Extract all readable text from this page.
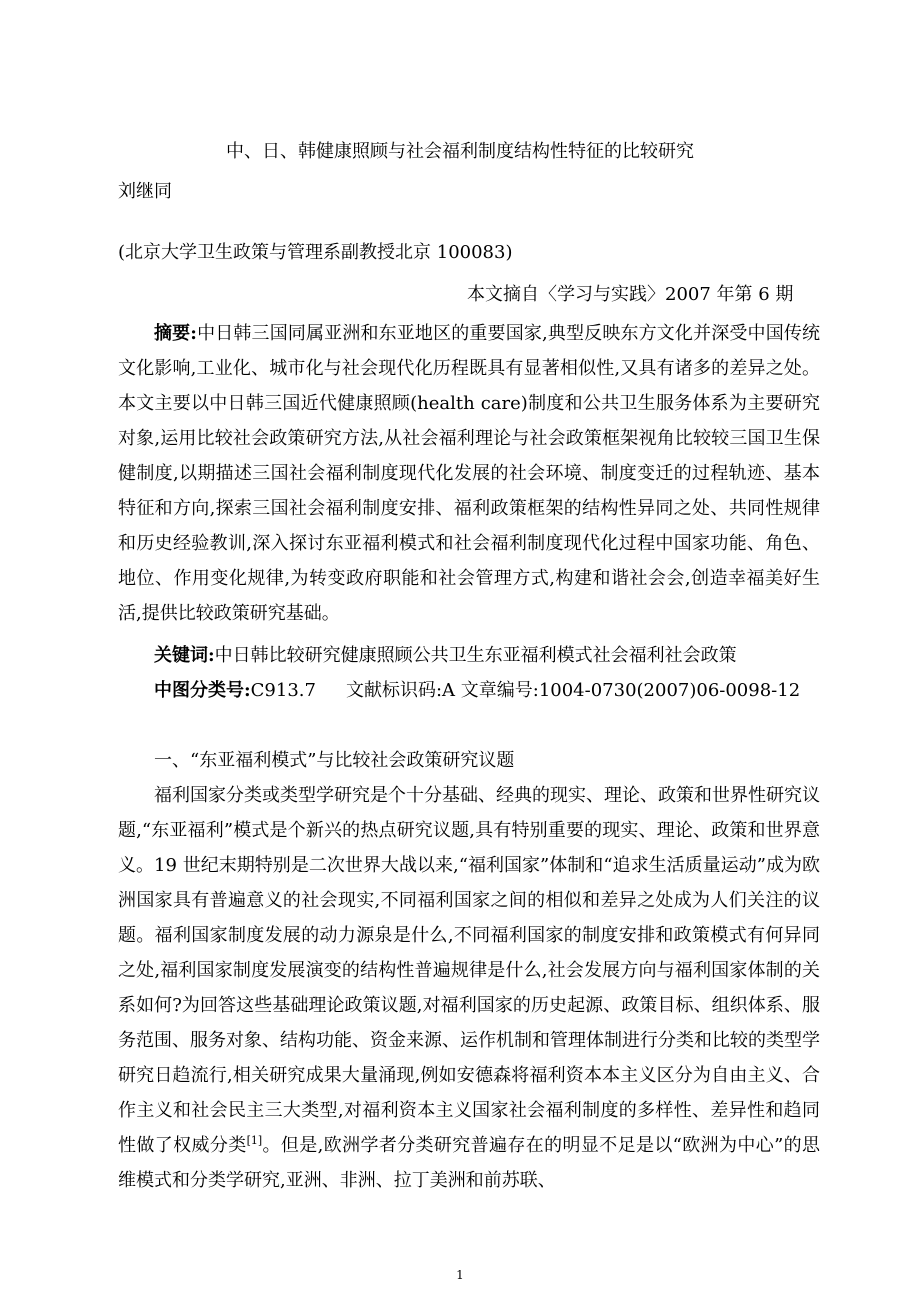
中、日、韩健康照顾与社会福利制度结构性特征的比较研究
刘继同
(北京大学卫生政策与管理系副教授北京 100083)
本文摘自〈学习与实践〉2007 年第 6 期

摘要:中日韩三国同属亚洲和东亚地区的重要国家,典型反映东方文化并深受中国传统文化影响,工业化、城市化与社会现代化历程既具有显著相似性,又具有诸多的差异之处。本文主要以中日韩三国近代健康照顾(health care)制度和公共卫生服务体系为主要研究对象,运用比较社会政策研究方法,从社会福利理论与社会政策框架视角比较较三国卫生保健制度,以期描述三国社会福利制度现代化发展的社会环境、制度变迁的过程轨迹、基本特征和方向,探索三国社会福利制度安排、福利政策框架的结构性异同之处、共同性规律和历史经验教训,深入探讨东亚福利模式和社会福利制度现代化过程中国家功能、角色、地位、作用变化规律,为转变政府职能和社会管理方式,构建和谐社会会,创造幸福美好生活,提供比较政策研究基础。

关键词:中日韩比较研究健康照顾公共卫生东亚福利模式社会福利社会政策

中图分类号:C913.7 文献标识码:A 文章编号:1004-0730(2007)06-0098-12

一、“东亚福利模式”与比较社会政策研究议题

福利国家分类或类型学研究是个十分基础、经典的现实、理论、政策和世界性研究议题,“东亚福利”模式是个新兴的热点研究议题,具有特别重要的现实、理论、政策和世界意义。19 世纪末期特别是二次世界大战以来,“福利国家”体制和“追求生活质量运动”成为欧洲国家具有普遍意义的社会现实,不同福利国家之间的相似和差异之处成为人们关注的议题。福利国家制度发展的动力源泉是什么,不同福利国家的制度安排和政策模式有何异同之处,福利国家制度发展演变的结构性普遍规律是什么,社会发展方向与福利国家体制的关系如何?为回答这些基础理论政策议题,对福利国家的历史起源、政策目标、组织体系、服务范围、服务对象、结构功能、资金来源、运作机制和管理体制进行分类和比较的类型学研究日趋流行,相关研究成果大量涌现,例如安德森将福利资本本主义区分为自由主义、合作主义和社会民主三大类型,对福利资本主义国家社会福利制度的多样性、差异性和趋同性做了权威分类[1]。但是,欧洲学者分类研究普遍存在的明显不足是以“欧洲为中心”的思维模式和分类学研究,亚洲、非洲、拉丁美洲和前苏联、

1
